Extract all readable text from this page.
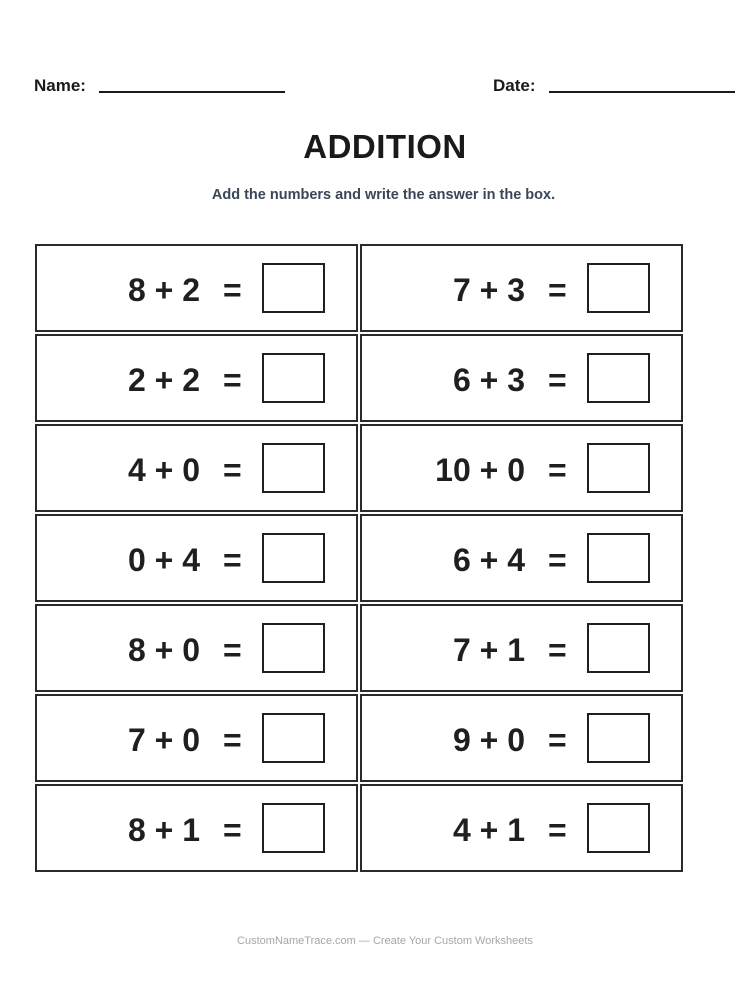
Name:	Date:
ADDITION
Add the numbers and write the answer in the box.
8 + 2 =	7 + 3 =
2 + 2 =	6 + 3 =
4 + 0 =	10 + 0 =
0 + 4 =	6 + 4 =
8 + 0 =	7 + 1 =
7 + 0 =	9 + 0 =
8 + 1 =	4 + 1 =
CustomNameTrace.com — Create Your Custom Worksheets
